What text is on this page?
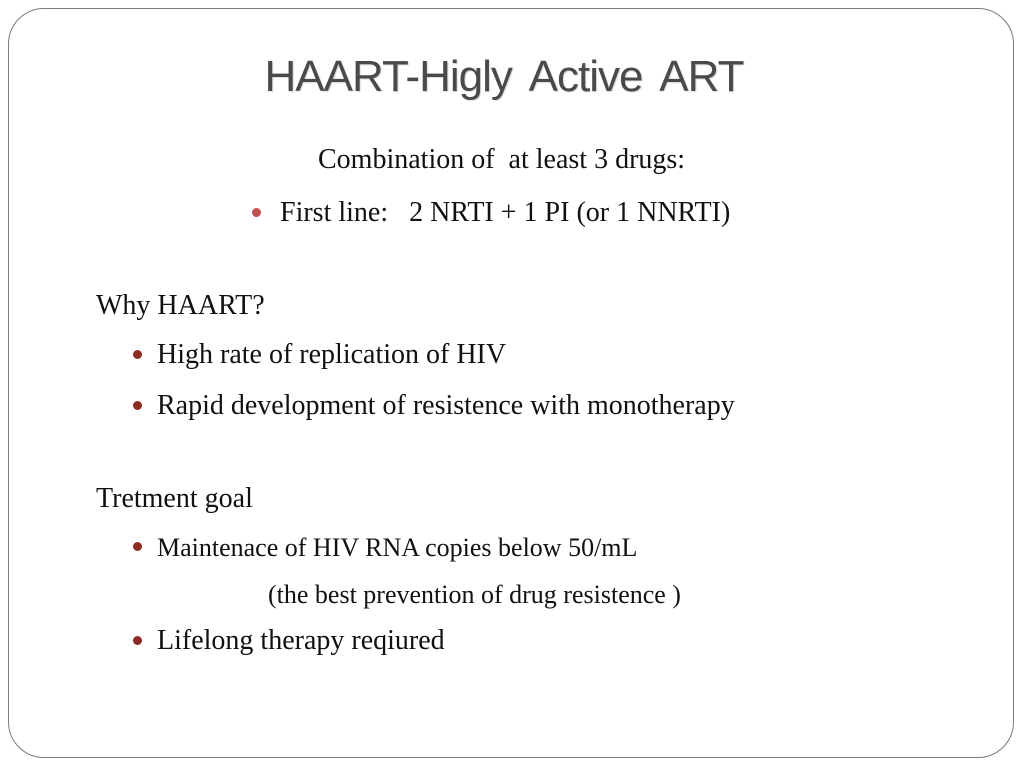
HAART-Higly Active ART
Combination of  at least 3 drugs:
First line:   2 NRTI + 1 PI (or 1 NNRTI)
Why HAART?
High rate of replication of HIV
Rapid development of resistence with monotherapy
Tretment goal
Maintenace of HIV RNA copies below 50/mL
(the best prevention of drug resistence )
Lifelong therapy reqiured
